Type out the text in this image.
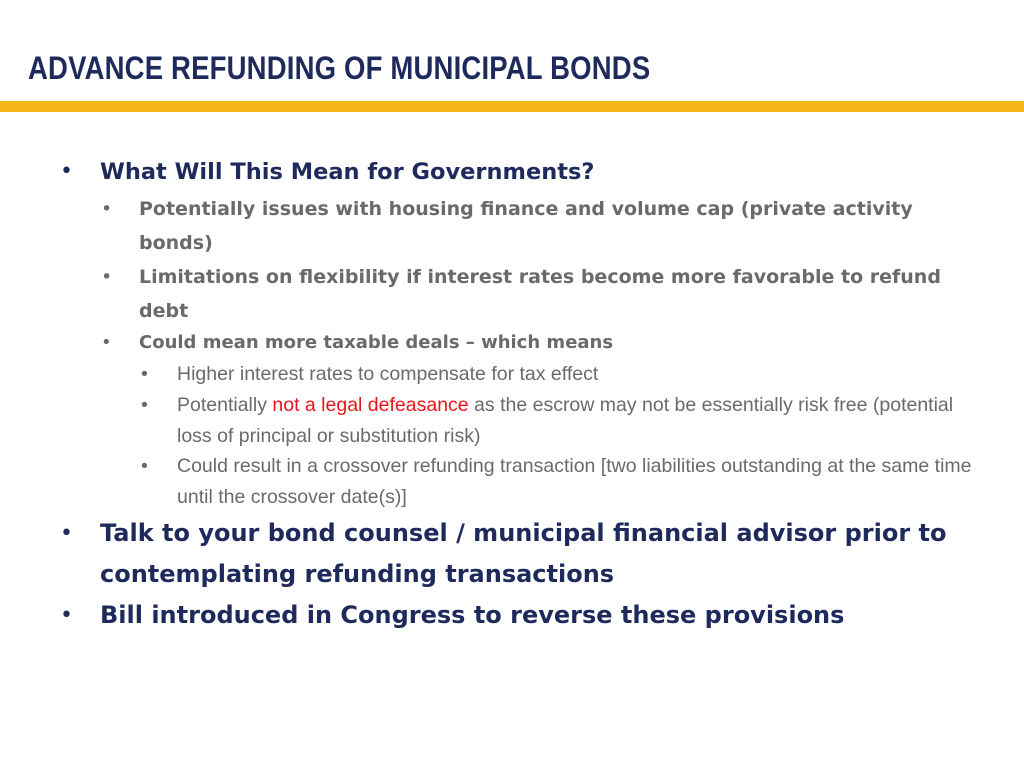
ADVANCE REFUNDING OF MUNICIPAL BONDS
• What Will This Mean for Governments?
• Potentially issues with housing finance and volume cap (private activity bonds)
• Limitations on flexibility if interest rates become more favorable to refund debt
• Could mean more taxable deals – which means
• Higher interest rates to compensate for tax effect
• Potentially not a legal defeasance as the escrow may not be essentially risk free (potential loss of principal or substitution risk)
• Could result in a crossover refunding transaction [two liabilities outstanding at the same time until the crossover date(s)]
• Talk to your bond counsel / municipal financial advisor prior to contemplating refunding transactions
• Bill introduced in Congress to reverse these provisions
